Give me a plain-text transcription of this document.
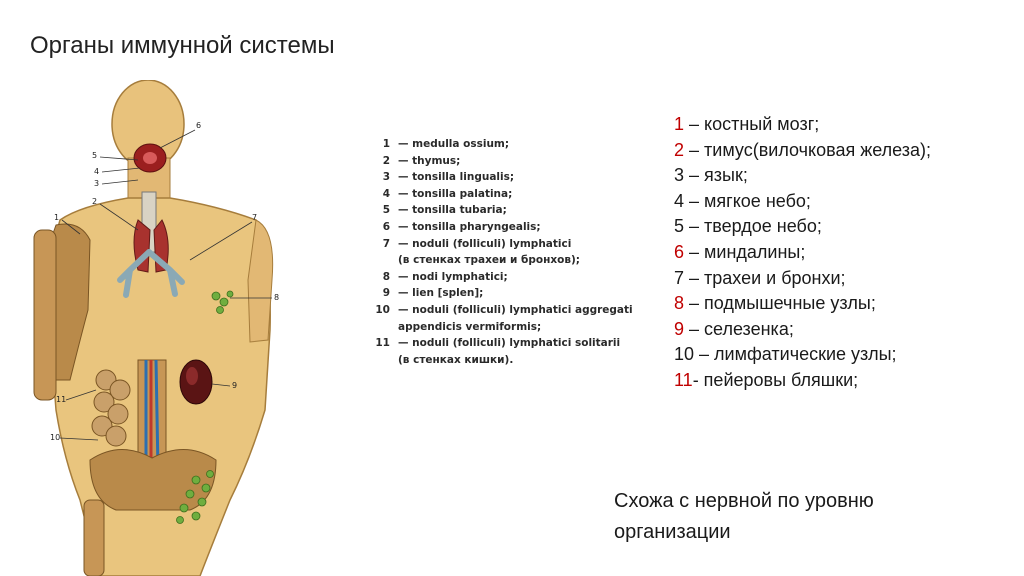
Органы иммунной системы
6
5
4
3
2
1	7
8
9
10
11
1 — medulla ossium;
2 — thymus;
3 — tonsilla lingualis;
4 — tonsilla palatina;
5 — tonsilla tubaria;
6 — tonsilla pharyngealis;
7 — noduli (folliculi) lymphatici
(в стенках трахеи и бронхов);
8 — nodi lymphatici;
9 — lien [splen];
10 — noduli (folliculi) lymphatici aggregati
appendicis vermiformis;
11 — noduli (folliculi) lymphatici solitarii
(в стенках кишки).
1 – костный мозг;
2 – тимус(вилочковая железа);
3 – язык;
4 – мягкое небо;
5 – твердое небо;
6 – миндалины;
7 – трахеи и бронхи;
8 – подмышечные узлы;
9 – селезенка;
10 – лимфатические узлы;
11- пейеровы бляшки;
Схожа с нервной по уровню организации
